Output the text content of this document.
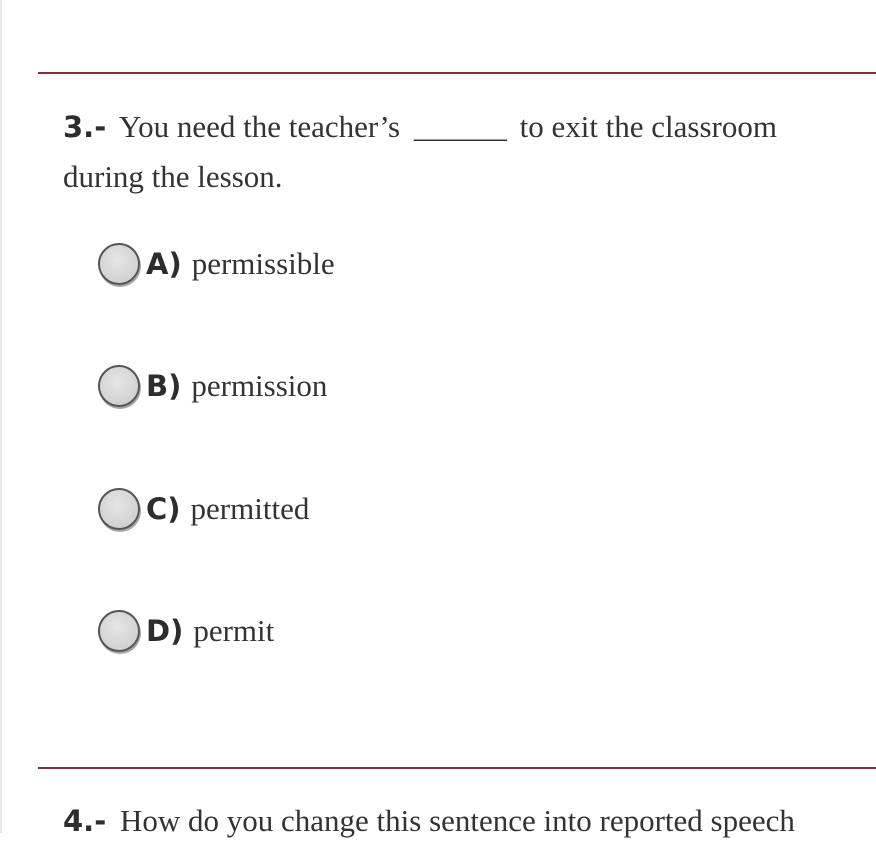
3.- You need the teacher’s ______ to exit the classroom during the lesson.
A) permissible
B) permission
C) permitted
D) permit
4.- How do you change this sentence into reported speech
